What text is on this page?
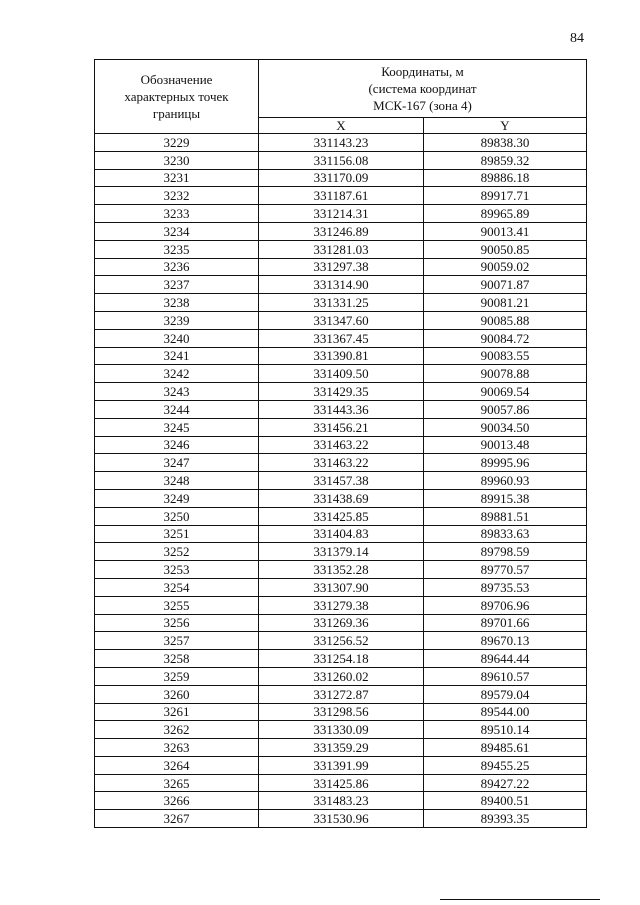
84
Обозначение характерных точек границы	Координаты, м
(система координат
МСК-167 (зона 4)	

	X	Y
3229	331143.23	89838.30
3230	331156.08	89859.32
3231	331170.09	89886.18
3232	331187.61	89917.71
3233	331214.31	89965.89
3234	331246.89	90013.41
3235	331281.03	90050.85
3236	331297.38	90059.02
3237	331314.90	90071.87
3238	331331.25	90081.21
3239	331347.60	90085.88
3240	331367.45	90084.72
3241	331390.81	90083.55
3242	331409.50	90078.88
3243	331429.35	90069.54
3244	331443.36	90057.86
3245	331456.21	90034.50
3246	331463.22	90013.48
3247	331463.22	89995.96
3248	331457.38	89960.93
3249	331438.69	89915.38
3250	331425.85	89881.51
3251	331404.83	89833.63
3252	331379.14	89798.59
3253	331352.28	89770.57
3254	331307.90	89735.53
3255	331279.38	89706.96
3256	331269.36	89701.66
3257	331256.52	89670.13
3258	331254.18	89644.44
3259	331260.02	89610.57
3260	331272.87	89579.04
3261	331298.56	89544.00
3262	331330.09	89510.14
3263	331359.29	89485.61
3264	331391.99	89455.25
3265	331425.86	89427.22
3266	331483.23	89400.51
3267	331530.96	89393.35
